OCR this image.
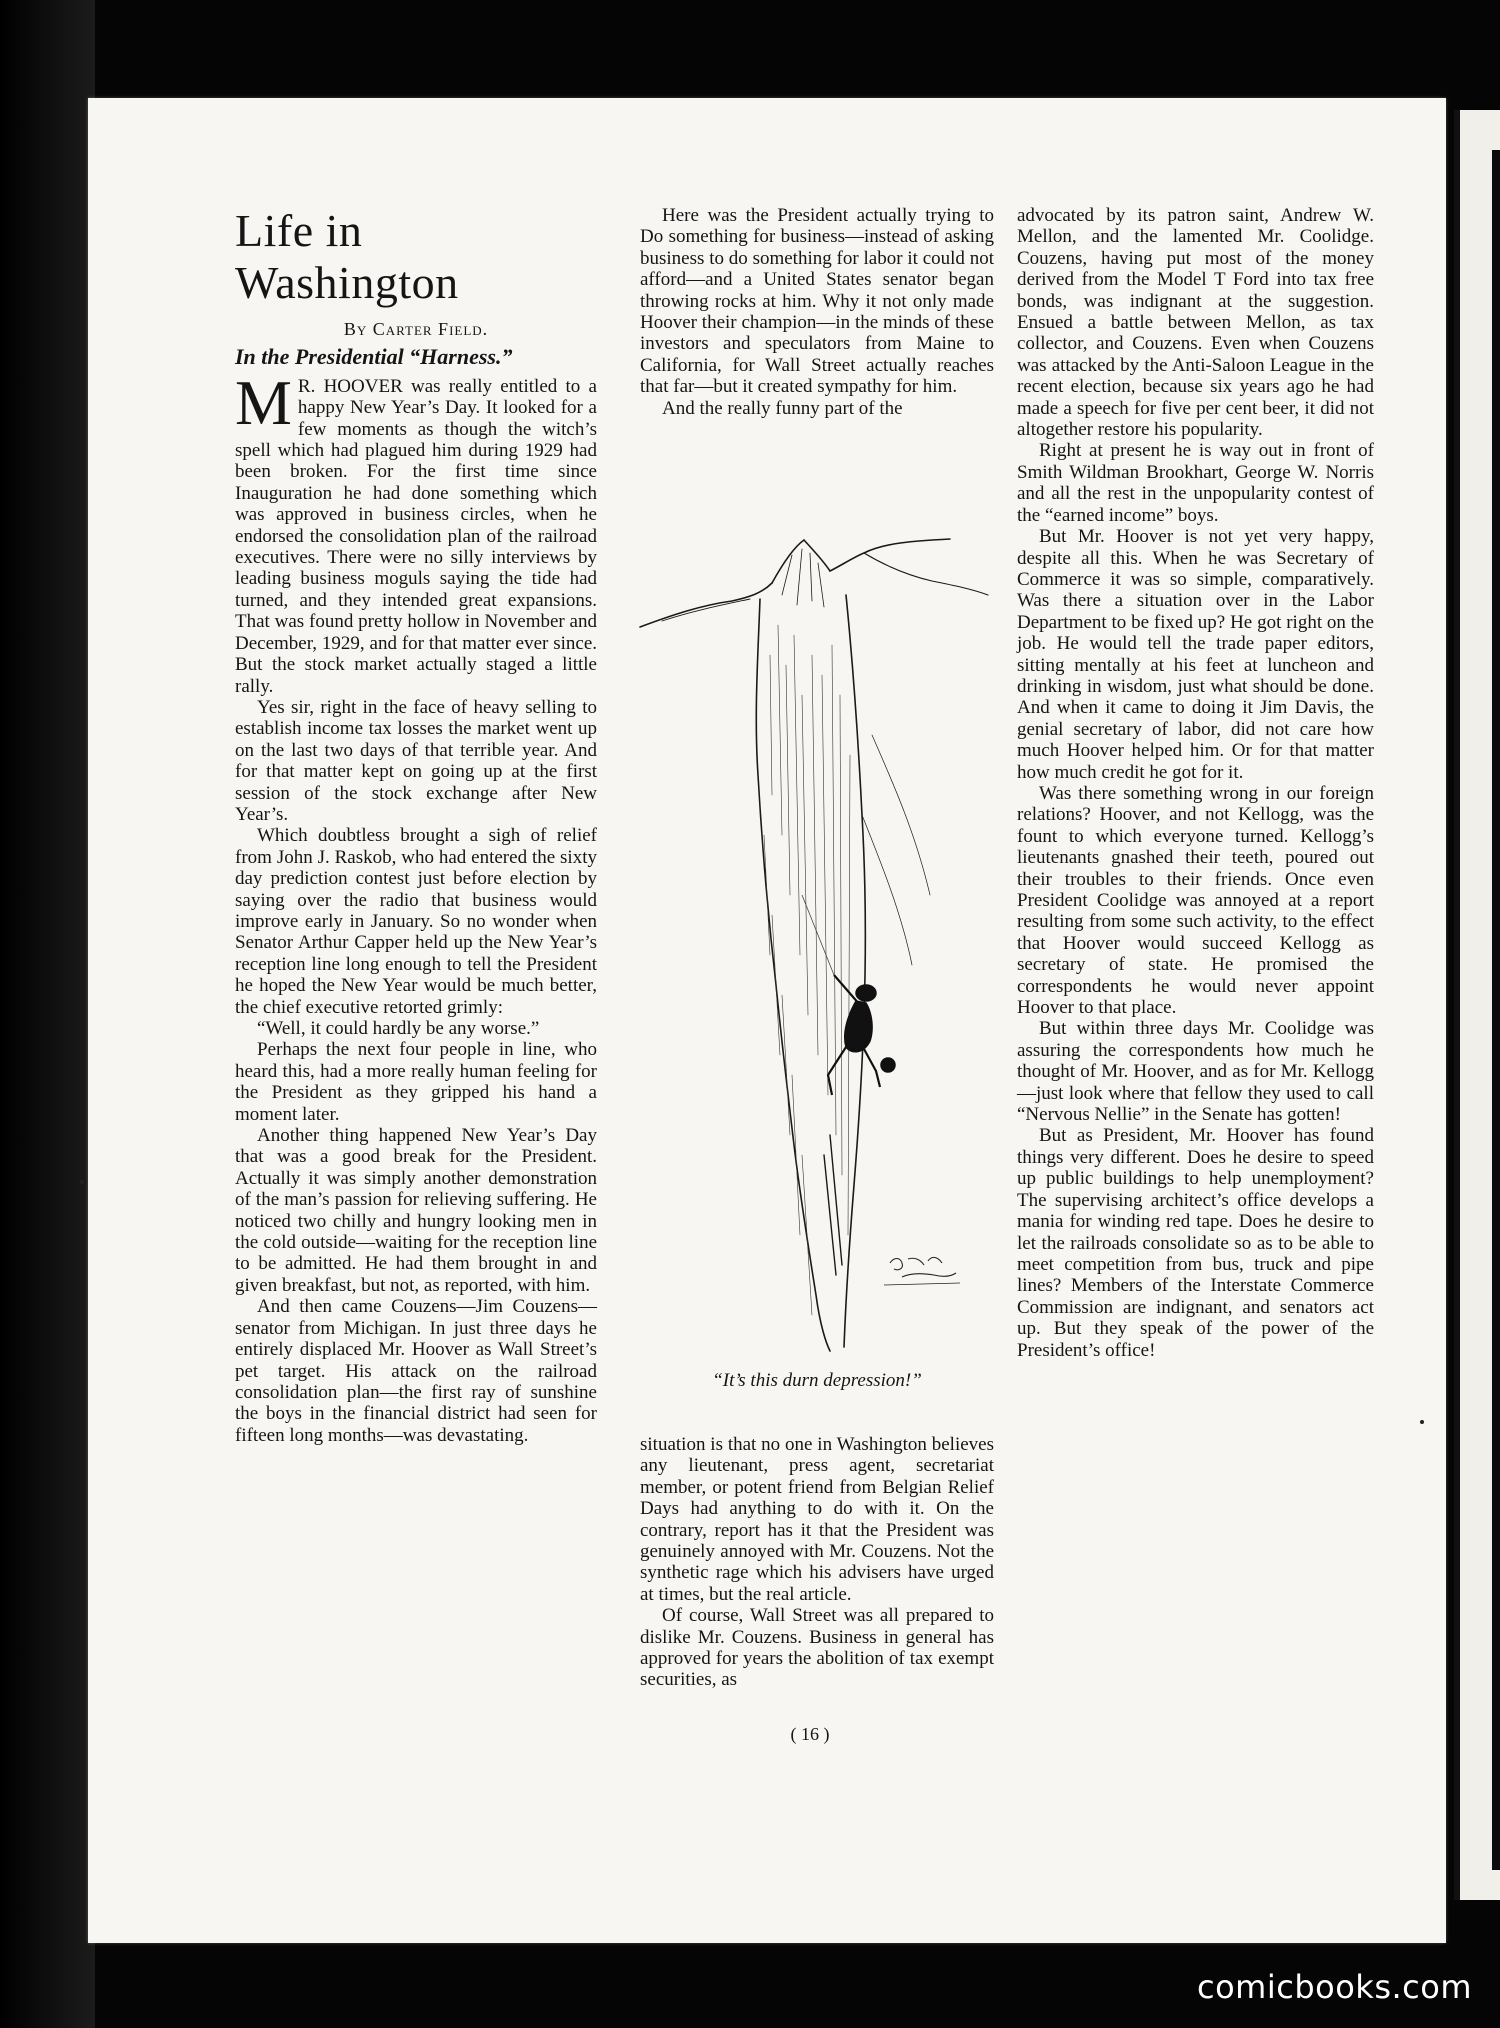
Life in Washington
By Carter Field.
In the Presidential “Harness.”

M R. HOOVER was really entitled to a happy New Year’s Day. It looked for a few moments as though the witch’s spell which had plagued him during 1929 had been broken. For the first time since Inauguration he had done something which was approved in business circles, when he endorsed the consolidation plan of the railroad executives. There were no silly interviews by leading business moguls saying the tide had turned, and they intended great expansions. That was found pretty hollow in November and December, 1929, and for that matter ever since. But the stock market actually staged a little rally.

Yes sir, right in the face of heavy selling to establish income tax losses the market went up on the last two days of that terrible year. And for that matter kept on going up at the first session of the stock exchange after New Year’s.

Which doubtless brought a sigh of relief from John J. Raskob, who had entered the sixty day prediction contest just before election by saying over the radio that business would improve early in January. So no wonder when Senator Arthur Capper held up the New Year’s reception line long enough to tell the President he hoped the New Year would be much better, the chief executive retorted grimly:

“Well, it could hardly be any worse.”

Perhaps the next four people in line, who heard this, had a more really human feeling for the President as they gripped his hand a moment later.

Another thing happened New Year’s Day that was a good break for the President. Actually it was simply another demonstration of the man’s passion for relieving suffering. He noticed two chilly and hungry looking men in the cold outside—waiting for the reception line to be admitted. He had them brought in and given breakfast, but not, as reported, with him.

And then came Couzens—Jim Couzens—senator from Michigan. In just three days he entirely displaced Mr. Hoover as Wall Street’s pet target. His attack on the railroad consolidation plan—the first ray of sunshine the boys in the financial district had seen for fifteen long months—was devastating.

Here was the President actually trying to Do something for business—instead of asking business to do something for labor it could not afford—and a United States senator began throwing rocks at him. Why it not only made Hoover their champion—in the minds of these investors and speculators from Maine to California, for Wall Street actually reaches that far—but it created sympathy for him.

And the really funny part of the

“It’s this durn depression!”

situation is that no one in Washington believes any lieutenant, press agent, secretariat member, or potent friend from Belgian Relief Days had anything to do with it. On the contrary, report has it that the President was genuinely annoyed with Mr. Couzens. Not the synthetic rage which his advisers have urged at times, but the real article.

Of course, Wall Street was all prepared to dislike Mr. Couzens. Business in general has approved for years the abolition of tax exempt securities, as

advocated by its patron saint, Andrew W. Mellon, and the lamented Mr. Coolidge. Couzens, having put most of the money derived from the Model T Ford into tax free bonds, was indignant at the suggestion. Ensued a battle between Mellon, as tax collector, and Couzens. Even when Couzens was attacked by the Anti-Saloon League in the recent election, because six years ago he had made a speech for five per cent beer, it did not altogether restore his popularity.

Right at present he is way out in front of Smith Wildman Brookhart, George W. Norris and all the rest in the unpopularity contest of the “earned income” boys.

But Mr. Hoover is not yet very happy, despite all this. When he was Secretary of Commerce it was so simple, comparatively. Was there a situation over in the Labor Department to be fixed up? He got right on the job. He would tell the trade paper editors, sitting mentally at his feet at luncheon and drinking in wisdom, just what should be done. And when it came to doing it Jim Davis, the genial secretary of labor, did not care how much Hoover helped him. Or for that matter how much credit he got for it.

Was there something wrong in our foreign relations? Hoover, and not Kellogg, was the fount to which everyone turned. Kellogg’s lieutenants gnashed their teeth, poured out their troubles to their friends. Once even President Coolidge was annoyed at a report resulting from some such activity, to the effect that Hoover would succeed Kellogg as secretary of state. He promised the correspondents he would never appoint Hoover to that place.

But within three days Mr. Coolidge was assuring the correspondents how much he thought of Mr. Hoover, and as for Mr. Kellogg—just look where that fellow they used to call “Nervous Nellie” in the Senate has gotten!

But as President, Mr. Hoover has found things very different. Does he desire to speed up public buildings to help unemployment? The supervising architect’s office develops a mania for winding red tape. Does he desire to let the railroads consolidate so as to be able to meet competition from bus, truck and pipe lines? Members of the Interstate Commerce Commission are indignant, and senators act up. But they speak of the power of the President’s office!

( 16 )
comicbooks.com
